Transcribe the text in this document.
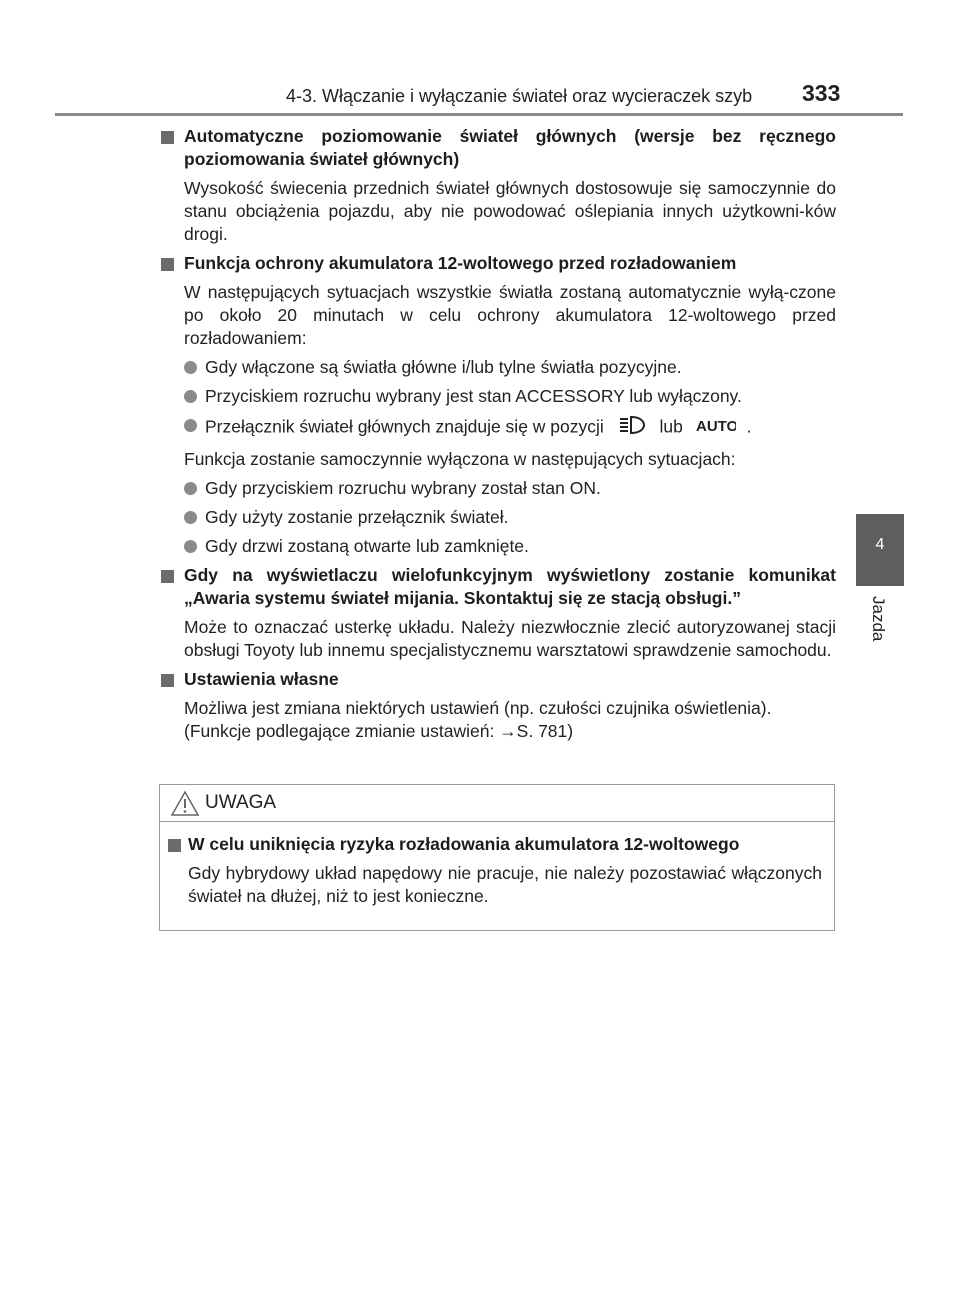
4-3. Włączanie i wyłączanie świateł oraz wycieraczek szyb 333
4
Jazda
Automatyczne poziomowanie świateł głównych (wersje bez ręcznego poziomowania świateł głównych)
Wysokość świecenia przednich świateł głównych dostosowuje się samoczynnie do stanu obciążenia pojazdu, aby nie powodować oślepiania innych użytkowni-ków drogi.
Funkcja ochrony akumulatora 12-woltowego przed rozładowaniem
W następujących sytuacjach wszystkie światła zostaną automatycznie wyłą-czone po około 20 minutach w celu ochrony akumulatora 12-woltowego przed rozładowaniem:
Gdy włączone są światła główne i/lub tylne światła pozycyjne.
Przyciskiem rozruchu wybrany jest stan ACCESSORY lub wyłączony.
Przełącznik świateł głównych znajduje się w pozycji	lub AUTO .
Funkcja zostanie samoczynnie wyłączona w następujących sytuacjach:
Gdy przyciskiem rozruchu wybrany został stan ON.
Gdy użyty zostanie przełącznik świateł.
Gdy drzwi zostaną otwarte lub zamknięte.
Gdy na wyświetlaczu wielofunkcyjnym wyświetlony zostanie komunikat „Awaria systemu świateł mijania. Skontaktuj się ze stacją obsługi.”
Może to oznaczać usterkę układu. Należy niezwłocznie zlecić autoryzowanej stacji obsługi Toyoty lub innemu specjalistycznemu warsztatowi sprawdzenie samochodu.
Ustawienia własne
Możliwa jest zmiana niektórych ustawień (np. czułości czujnika oświetlenia).
(Funkcje podlegające zmianie ustawień: →S. 781)
UWAGA
W celu uniknięcia ryzyka rozładowania akumulatora 12-woltowego
Gdy hybrydowy układ napędowy nie pracuje, nie należy pozostawiać włączonych świateł na dłużej, niż to jest konieczne.
